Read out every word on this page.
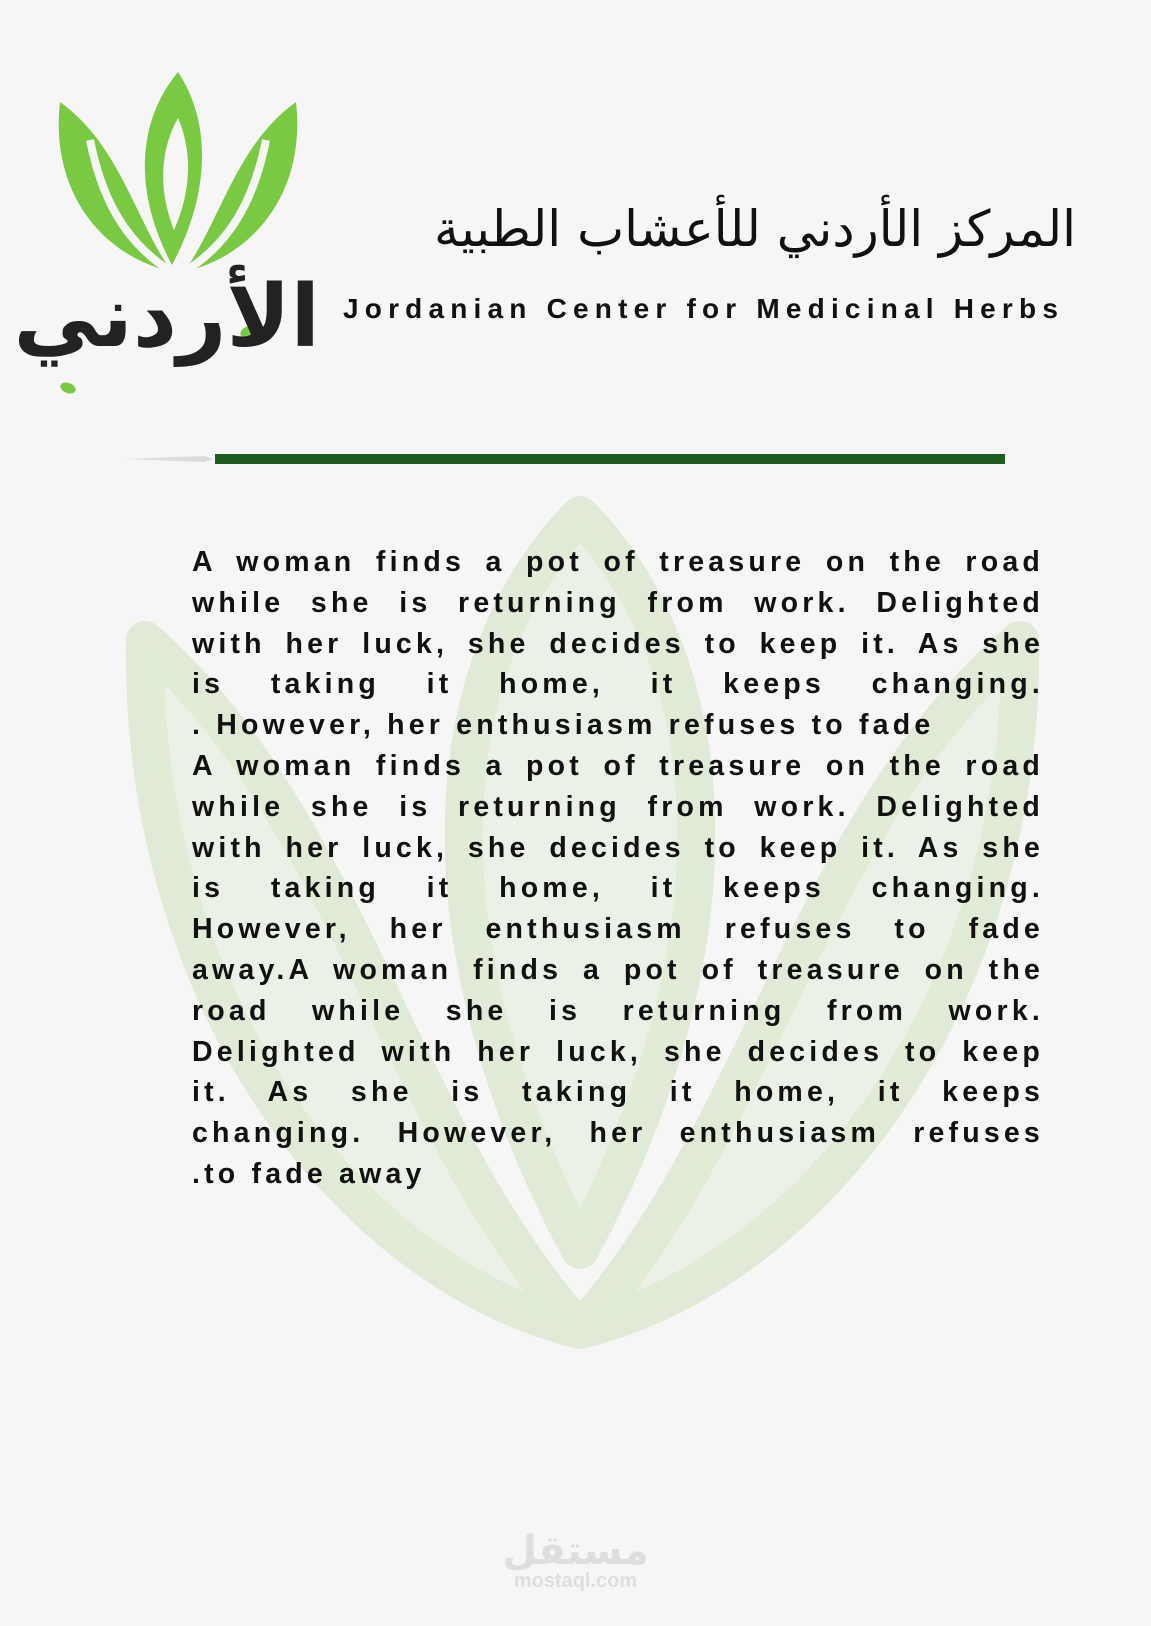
الأردني
المركز الأردني للأعشاب الطبية
Jordanian Center for Medicinal Herbs
A woman finds a pot of treasure on the road
while she is returning from work. Delighted
with her luck, she decides to keep it. As she
is taking it home, it keeps changing.
. However, her enthusiasm refuses to fade
A woman finds a pot of treasure on the road
while she is returning from work. Delighted
with her luck, she decides to keep it. As she
is taking it home, it keeps changing.
However, her enthusiasm refuses to fade
away.A woman finds a pot of treasure on the
road while she is returning from work.
Delighted with her luck, she decides to keep
it. As she is taking it home, it keeps
changing. However, her enthusiasm refuses
.to fade away
مستقل
mostaql.com
